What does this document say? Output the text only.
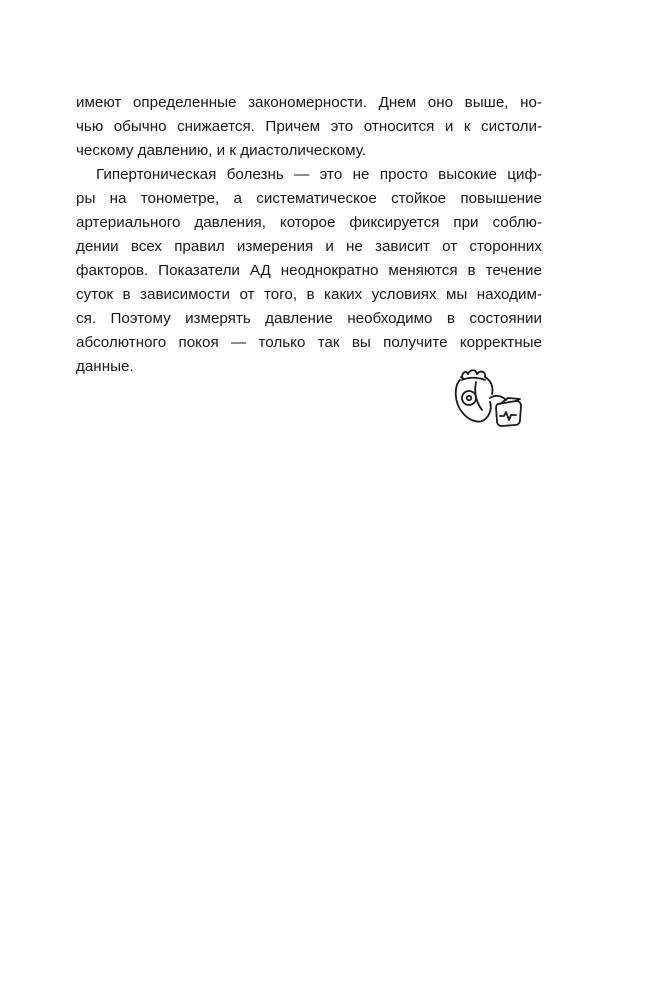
имеют определенные закономерности. Днем оно выше, но-
чью обычно снижается. Причем это относится и к систоли-
ческому давлению, и к диастолическому.
Гипертоническая болезнь — это не просто высокие циф-
ры на тонометре, а систематическое стойкое повышение
артериального давления, которое фиксируется при соблю-
дении всех правил измерения и не зависит от сторонних
факторов. Показатели АД неоднократно меняются в течение
суток в зависимости от того, в каких условиях мы находим-
ся. Поэтому измерять давление необходимо в состоянии
абсолютного покоя — только так вы получите корректные
данные.
